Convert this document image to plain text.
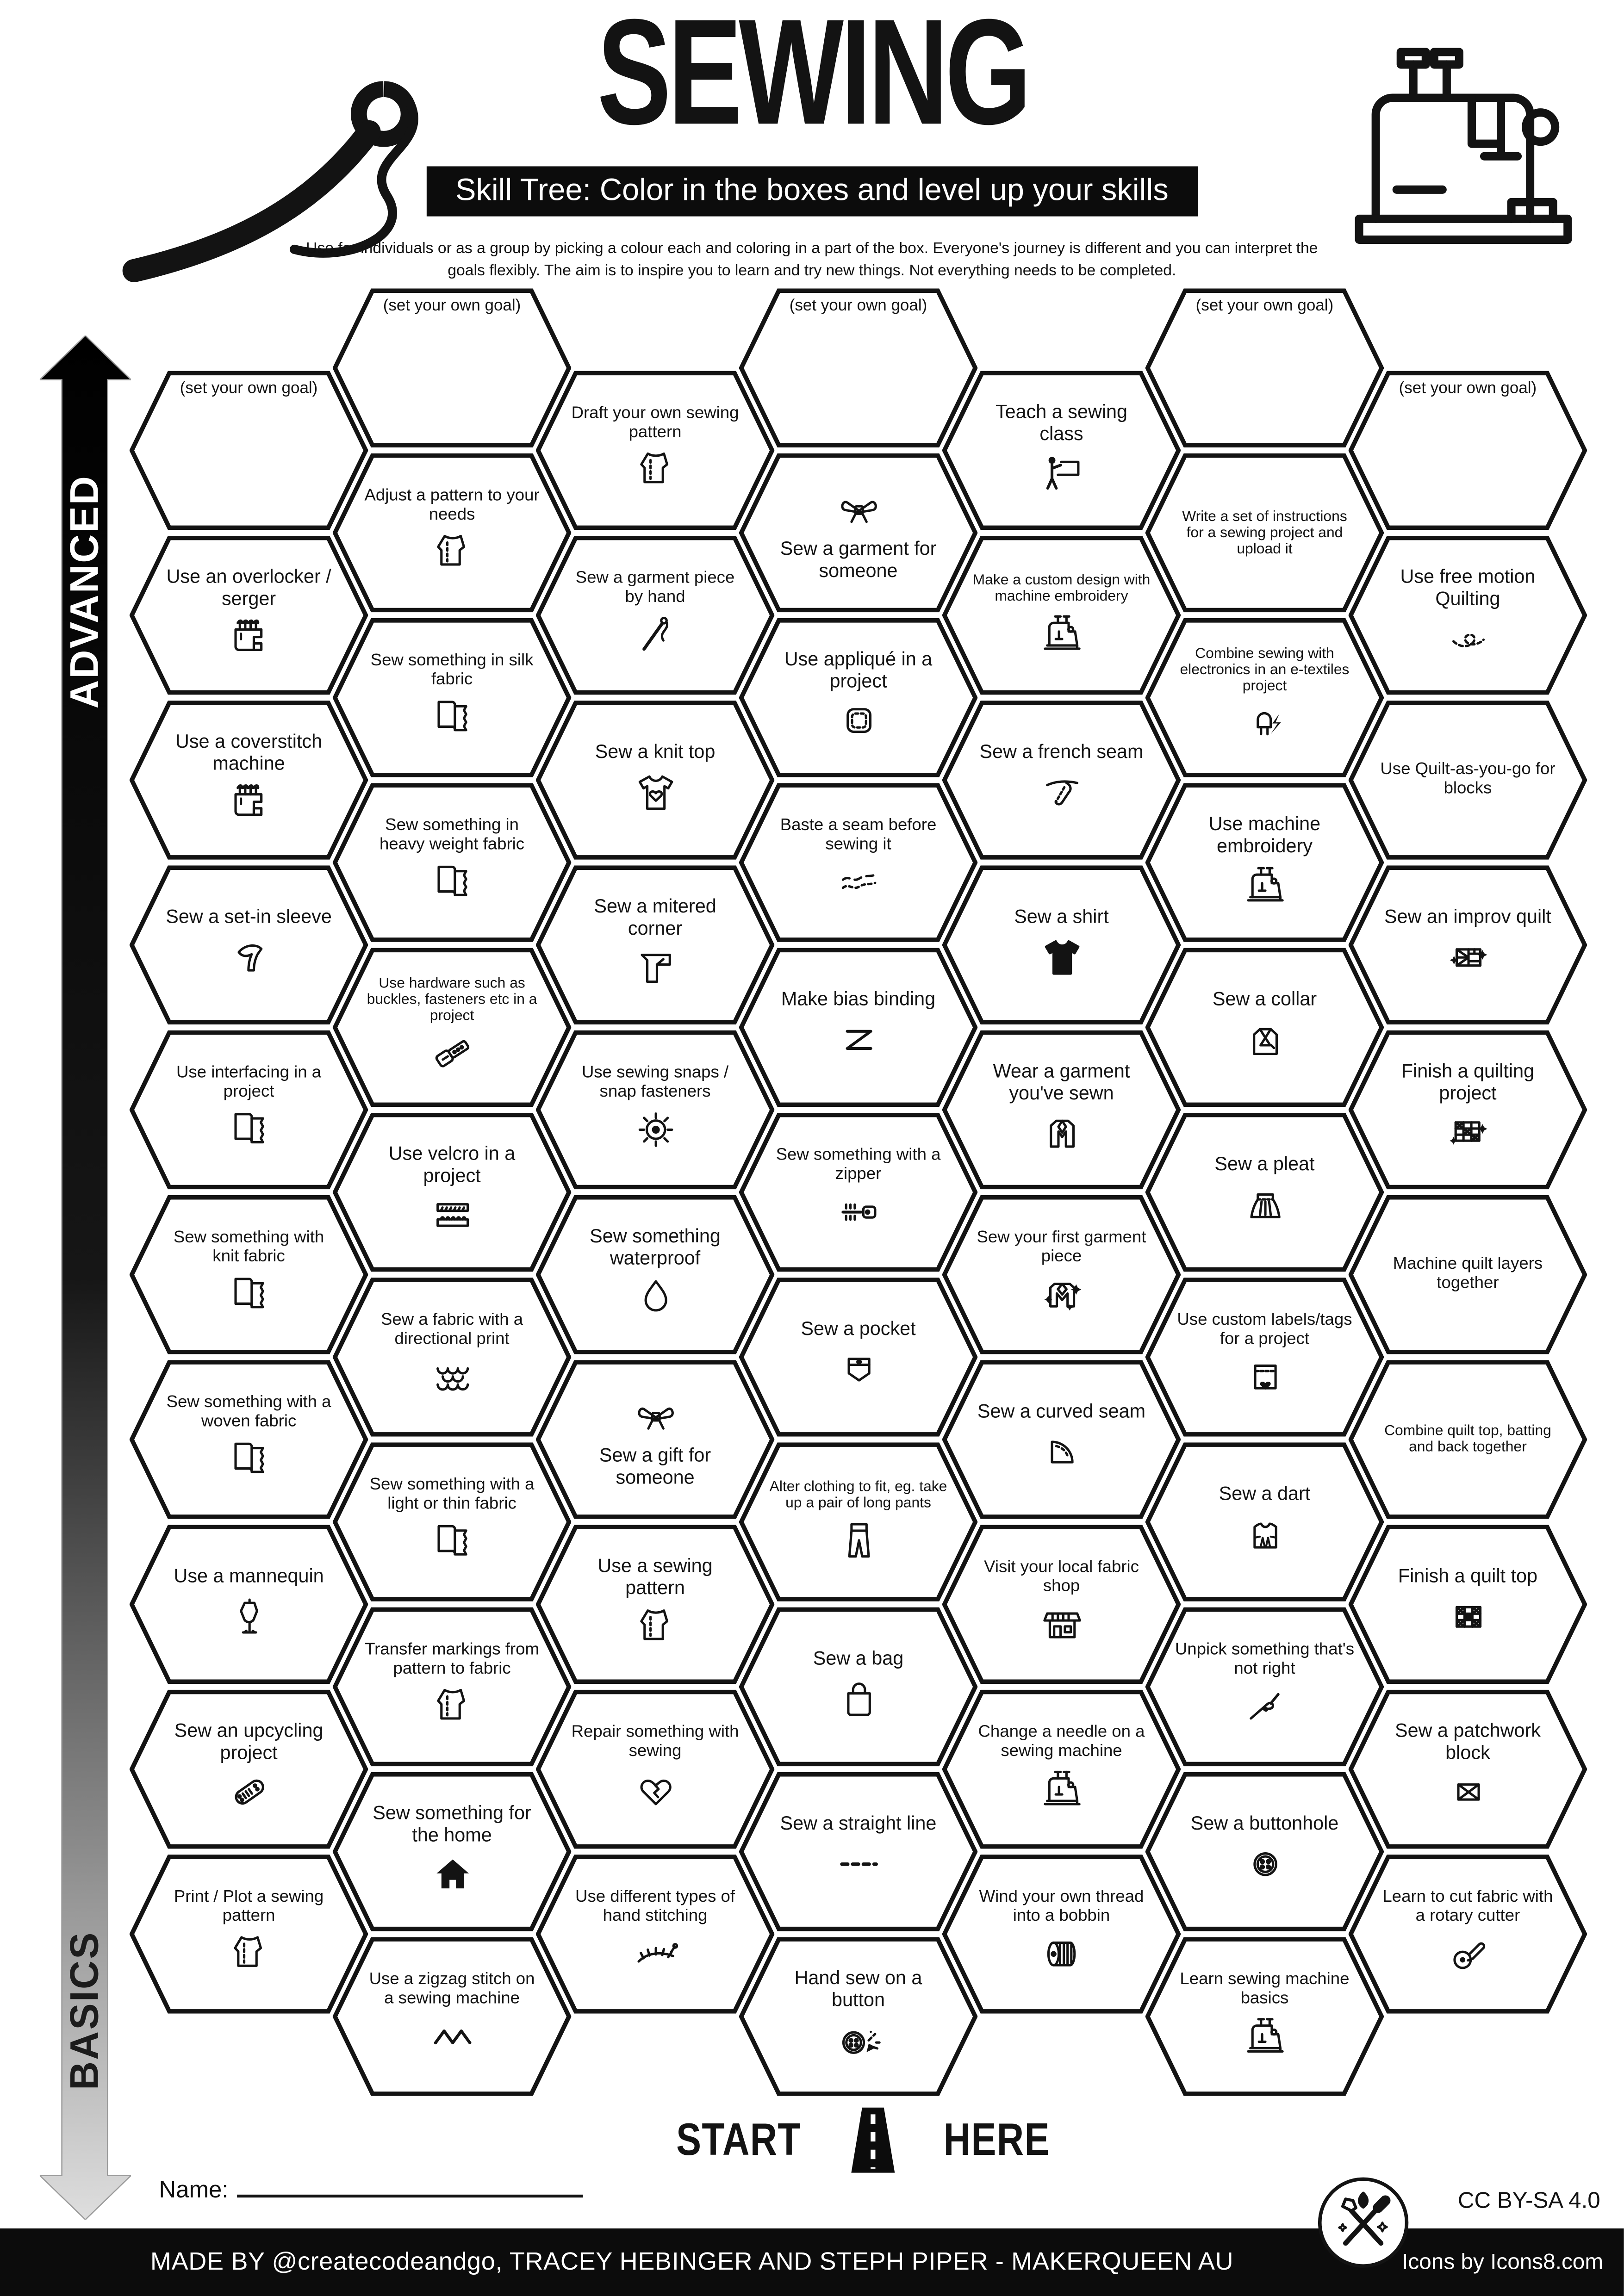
SEWING
Skill Tree: Color in the boxes and level up your skills
Use for individuals or as a group by picking a colour each and coloring in a part of the box. Everyone's journey is different and you can interpret the goals flexibly. The aim is to inspire you to learn and try new things. Not everything needs to be completed.
ADVANCED
BASICS
(set your own goal)
Use an overlocker / serger
Use a coverstitch machine
Sew a set-in sleeve
Use interfacing in a project
Sew something with knit fabric
Sew something with a woven fabric
Use a mannequin
Sew an upcycling project
Print / Plot a sewing pattern
(set your own goal)
Adjust a pattern to your needs
Sew something in silk fabric
Sew something in heavy weight fabric
Use hardware such as buckles, fasteners etc in a project
Use velcro in a project
Sew a fabric with a directional print
Sew something with a light or thin fabric
Transfer markings from pattern to fabric
Sew something for the home
Use a zigzag stitch on a sewing machine
Draft your own sewing pattern
Sew a garment piece by hand
Sew a knit top
Sew a mitered corner
Use sewing snaps / snap fasteners
Sew something waterproof
Sew a gift for someone
Use a sewing pattern
Repair something with sewing
Use different types of hand stitching
(set your own goal)
Sew a garment for someone
Use appliqué in a project
Baste a seam before sewing it
Make bias binding
Sew something with a zipper
Sew a pocket
Alter clothing to fit, eg. take up a pair of long pants
Sew a bag
Sew a straight line
Hand sew on a button
Teach a sewing class
Make a custom design with machine embroidery
Sew a french seam
Sew a shirt
Wear a garment you've sewn
Sew your first garment piece
Sew a curved seam
Visit your local fabric shop
Change a needle on a sewing machine
Wind your own thread into a bobbin
(set your own goal)
Write a set of instructions for a sewing project and upload it
Combine sewing with electronics in an e-textiles project
Use machine embroidery
Sew a collar
Sew a pleat
Use custom labels/tags for a project
Sew a dart
Unpick something that's not right
Sew a buttonhole
Learn sewing machine basics
(set your own goal)
Use free motion Quilting
Use Quilt-as-you-go for blocks
Sew an improv quilt
Finish a quilting project
Machine quilt layers together
Combine quilt top, batting and back together
Finish a quilt top
Sew a patchwork block
Learn to cut fabric with a rotary cutter
START	HERE
Name:	CC BY-SA 4.0
MADE BY @createcodeandgo, TRACEY HEBINGER AND STEPH PIPER - MAKERQUEEN AU	Icons by Icons8.com
